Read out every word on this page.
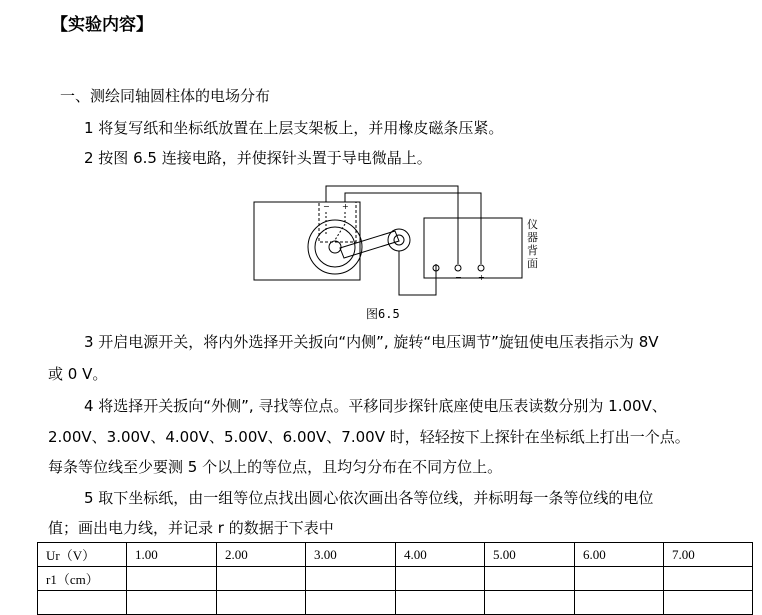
【实验内容】
一、测绘同轴圆柱体的电场分布
1 将复写纸和坐标纸放置在上层支架板上，并用橡皮磁条压紧。
2 按图 6.5 连接电路，并使探针头置于导电微晶上。
− +
− +
仪
器
背
面
图6.5
3 开启电源开关，将内外选择开关扳向“内侧”, 旋转“电压调节”旋钮使电压表指示为 8V
或 0 V。
4 将选择开关扳向“外侧”, 寻找等位点。平移同步探针底座使电压表读数分别为 1.00V、
2.00V、3.00V、4.00V、5.00V、6.00V、7.00V 时，轻轻按下上探针在坐标纸上打出一个点。
每条等位线至少要测 5 个以上的等位点，且均匀分布在不同方位上。
5 取下坐标纸，由一组等位点找出圆心依次画出各等位线，并标明每一条等位线的电位
值；画出电力线，并记录 r 的数据于下表中
Ur（V）	1.00	2.00	3.00	4.00	5.00	6.00	7.00
r1（cm）							
